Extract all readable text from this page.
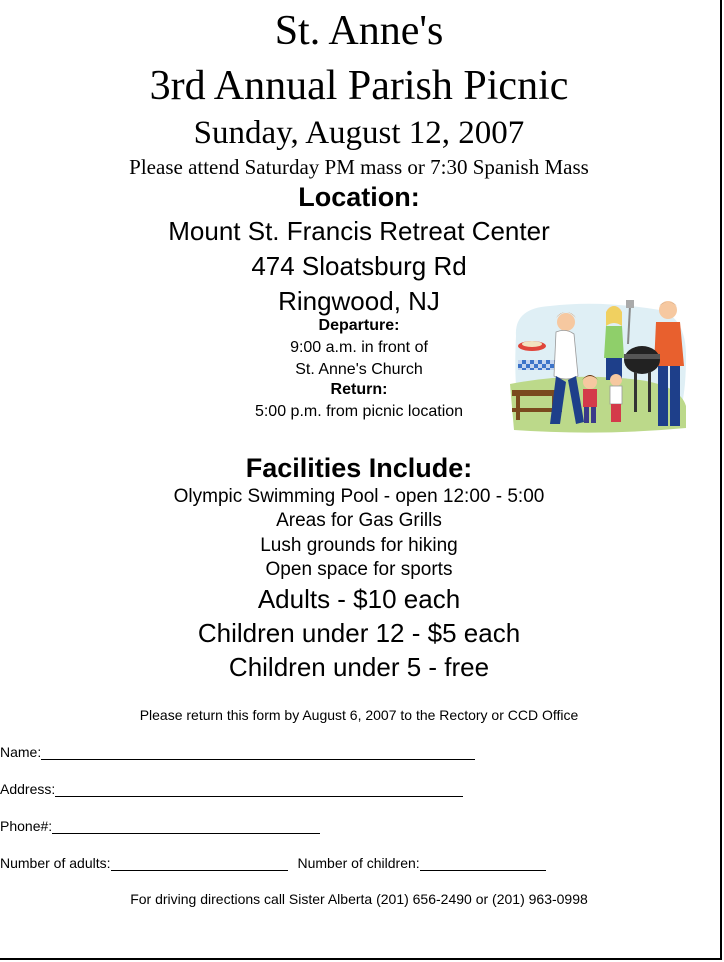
St. Anne's
3rd Annual Parish Picnic
Sunday, August 12, 2007
Please attend Saturday PM mass or 7:30 Spanish Mass
Location:
Mount St. Francis Retreat Center
474 Sloatsburg Rd
Ringwood, NJ
Departure:
9:00 a.m. in front of
St. Anne's Church
Return:
5:00 p.m. from picnic location
Facilities Include:
Olympic Swimming Pool - open 12:00 - 5:00
Areas for Gas Grills
Lush grounds for hiking
Open space for sports
Adults - $10 each
Children under 12 - $5 each
Children under 5 - free
Please return this form by August 6, 2007 to the Rectory or CCD Office
Name:
Address:
Phone#:
Number of adults:	Number of children:
For driving directions call Sister Alberta (201) 656-2490 or (201) 963-0998
